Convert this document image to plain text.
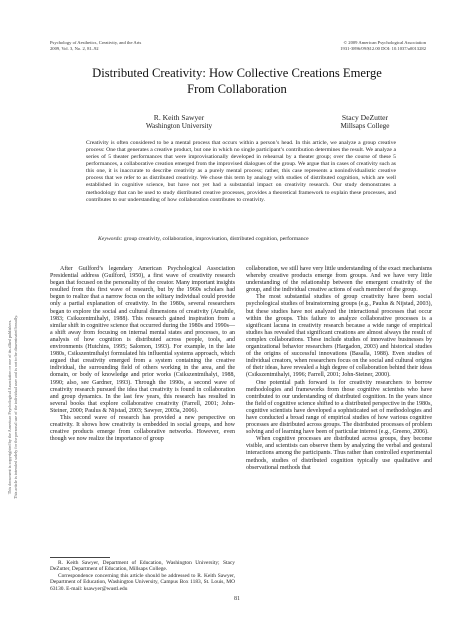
This document is copyrighted by the American Psychological Association or one of its allied publishers. This article is intended solely for the personal use of the individual user and is not to be disseminated broadly.
Psychology of Aesthetics, Creativity, and the Arts
2009, Vol. 3, No. 2, 81–92
© 2009 American Psychological Association
1931-3896/09/$12.00 DOI: 10.1037/a0013282
Distributed Creativity: How Collective Creations Emerge
From Collaboration
R. Keith Sawyer
Washington University
Stacy DeZutter
Millsaps College
Creativity is often considered to be a mental process that occurs within a person’s head. In this article, we analyze a group creative process: One that generates a creative product, but one in which no single participant’s contribution determines the result. We analyze a series of 5 theater performances that were improvisationally developed in rehearsal by a theater group; over the course of these 5 performances, a collaborative creation emerged from the improvised dialogues of the group. We argue that in cases of creativity such as this one, it is inaccurate to describe creativity as a purely mental process; rather, this case represents a nonindividualistic creative process that we refer to as distributed creativity. We chose this term by analogy with studies of distributed cognition, which are well established in cognitive science, but have not yet had a substantial impact on creativity research. Our study demonstrates a methodology that can be used to study distributed creative processes, provides a theoretical framework to explain these processes, and contributes to our understanding of how collaboration contributes to creativity.
Keywords: group creativity, collaboration, improvisation, distributed cognition, performance

After Guilford’s legendary American Psychological Association Presidential address (Guilford, 1950), a first wave of creativity research began that focused on the personality of the creator. Many important insights resulted from this first wave of research, but by the 1960s scholars had begun to realize that a narrow focus on the solitary individual could provide only a partial explanation of creativity. In the 1980s, several researchers began to explore the social and cultural dimensions of creativity (Amabile, 1983; Csikszentmihalyi, 1988). This research gained inspiration from a similar shift in cognitive science that occurred during the 1980s and 1990s—a shift away from focusing on internal mental states and processes, to an analysis of how cognition is distributed across people, tools, and environments (Hutchins, 1995; Salomon, 1993). For example, in the late 1980s, Csikszentmihalyi formulated his influential systems approach, which argued that creativity emerged from a system containing the creative individual, the surrounding field of others working in the area, and the domain, or body of knowledge and prior works (Csikszentmihalyi, 1988, 1990; also, see Gardner, 1993). Through the 1990s, a second wave of creativity research pursued the idea that creativity is found in collaboration and group dynamics. In the last few years, this research has resulted in several books that explore collaborative creativity (Farrell, 2001; John-Steiner, 2000; Paulus & Nijstad, 2003; Sawyer, 2003a, 2006).

This second wave of research has provided a new perspective on creativity. It shows how creativity is embedded in social groups, and how creative products emerge from collaborative networks. However, even though we now realize the importance of group

collaboration, we still have very little understanding of the exact mechanisms whereby creative products emerge from groups. And we have very little understanding of the relationship between the emergent creativity of the group, and the individual creative actions of each member of the group.

The most substantial studies of group creativity have been social psychological studies of brainstorming groups (e.g., Paulus & Nijstad, 2003), but these studies have not analyzed the interactional processes that occur within the groups. This failure to analyze collaborative processes is a significant lacuna in creativity research because a wide range of empirical studies has revealed that significant creations are almost always the result of complex collaborations. These include studies of innovative businesses by organizational behavior researchers (Hargadon, 2003) and historical studies of the origins of successful innovations (Basalla, 1988). Even studies of individual creators, when researchers focus on the social and cultural origins of their ideas, have revealed a high degree of collaboration behind their ideas (Csikszentmihalyi, 1996; Farrell, 2001; John-Steiner, 2000).

One potential path forward is for creativity researchers to borrow methodologies and frameworks from those cognitive scientists who have contributed to our understanding of distributed cognition. In the years since the field of cognitive science shifted to a distributed perspective in the 1980s, cognitive scientists have developed a sophisticated set of methodologies and have conducted a broad range of empirical studies of how various cognitive processes are distributed across groups. The distributed processes of problem solving and of learning have been of particular interest (e.g., Greeno, 2006).

When cognitive processes are distributed across groups, they become visible, and scientists can observe them by analyzing the verbal and gestural interactions among the participants. Thus rather than controlled experimental methods, studies of distributed cognition typically use qualitative and observational methods that

R. Keith Sawyer, Department of Education, Washington University; Stacy DeZutter, Department of Education, Millsaps College.

Correspondence concerning this article should be addressed to R. Keith Sawyer, Department of Education, Washington University, Campus Box 1183, St. Louis, MO 63130. E-mail: ksawyer@wustl.edu

81
